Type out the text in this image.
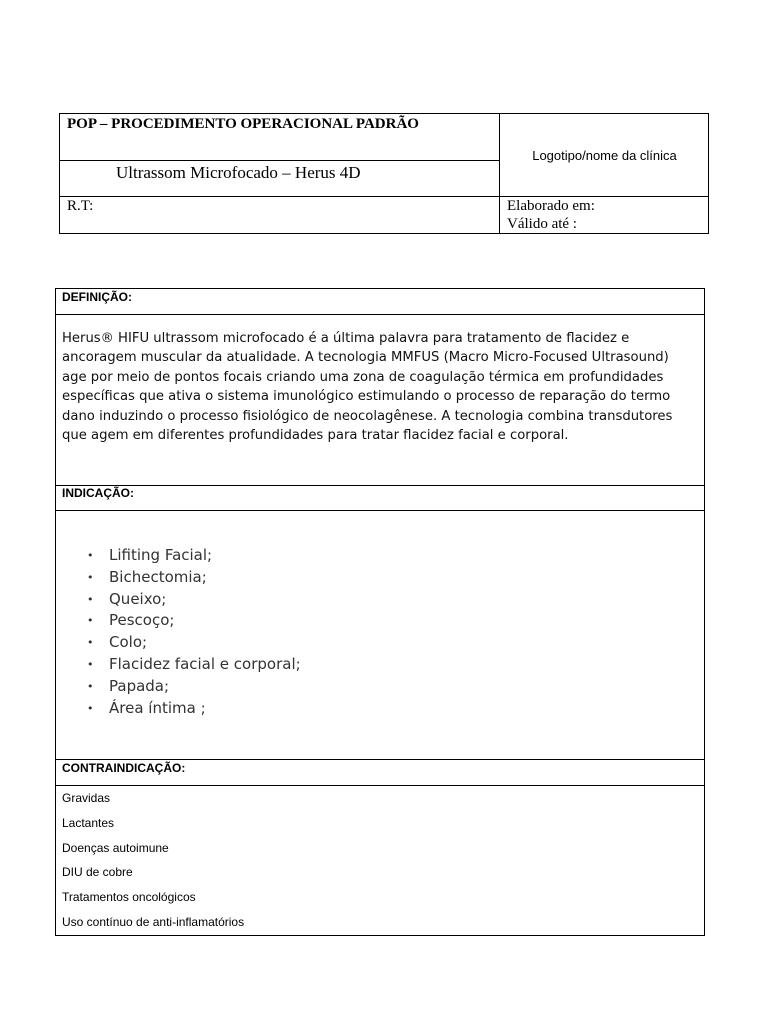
POP – PROCEDIMENTO OPERACIONAL PADRÃO
Ultrassom Microfocado – Herus 4D
Logotipo/nome da clínica
R.T:	Elaborado em:
Válido até :
DEFINIÇÃO:
Herus® HIFU ultrassom microfocado é a última palavra para tratamento de flacidez e ancoragem muscular da atualidade. A tecnologia MMFUS (Macro Micro-Focused Ultrasound) age por meio de pontos focais criando uma zona de coagulação térmica em profundidades específicas que ativa o sistema imunológico estimulando o processo de reparação do termo dano induzindo o processo fisiológico de neocolagênese. A tecnologia combina transdutores que agem em diferentes profundidades para tratar flacidez facial e corporal.
INDICAÇÃO:
• Lifiting Facial;
• Bichectomia;
• Queixo;
• Pescoço;
• Colo;
• Flacidez facial e corporal;
• Papada;
• Área íntima ;
CONTRAINDICAÇÃO:
Gravidas
Lactantes
Doenças autoimune
DIU de cobre
Tratamentos oncológicos
Uso contínuo de anti-inflamatórios
